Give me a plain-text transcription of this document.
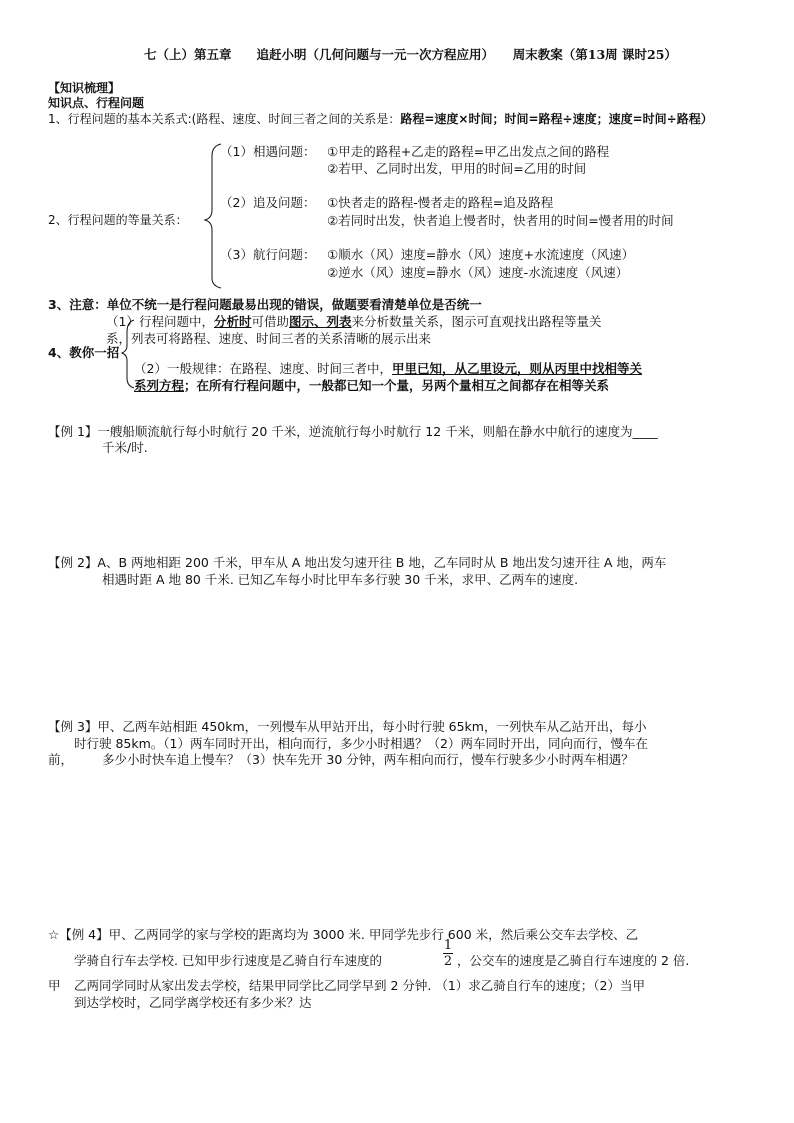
七（上）第五章　　追赶小明（几何问题与一元一次方程应用）　　周末教案（第13周 课时25）
【知识梳理】
知识点、行程问题
1、行程问题的基本关系式:(路程、速度、时间三者之间的关系是：路程=速度×时间；时间=路程÷速度；速度=时间÷路程）
2、行程问题的等量关系：
（1）相遇问题： ①甲走的路程+乙走的路程=甲乙出发点之间的路程
②若甲、乙同时出发，甲用的时间=乙用的时间
（2）追及问题： ①快者走的路程-慢者走的路程=追及路程
②若同时出发，快者追上慢者时，快者用的时间=慢者用的时间
（3）航行问题： ①顺水（风）速度=静水（风）速度+水流速度（风速）
②逆水（风）速度=静水（风）速度-水流速度（风速）
3、注意：单位不统一是行程问题最易出现的错误，做题要看清楚单位是否统一
4、教你一招
（1）行程问题中，分析时可借助图示、列表来分析数量关系，图示可直观找出路程等量关
系，列表可将路程、速度、时间三者的关系清晰的展示出来
（2）一般规律：在路程、速度、时间三者中，甲里已知，从乙里设元，则从丙里中找相等关
系列方程；在所有行程问题中，一般都已知一个量，另两个量相互之间都存在相等关系
【例 1】一艘船顺流航行每小时航行 20 千米，逆流航行每小时航行 12 千米，则船在静水中航行的速度为____
千米/时.
【例 2】A、B 两地相距 200 千米，甲车从 A 地出发匀速开往 B 地，乙车同时从 B 地出发匀速开往 A 地，两车
相遇时距 A 地 80 千米. 已知乙车每小时比甲车多行驶 30 千米，求甲、乙两车的速度.
【例 3】甲、乙两车站相距 450km，一列慢车从甲站开出，每小时行驶 65km，一列快车从乙站开出，每小
时行驶 85km。（1）两车同时开出，相向而行，多少小时相遇？（2）两车同时开出，同向而行，慢车在
前， 多少小时快车追上慢车？（3）快车先开 30 分钟，两车相向而行，慢车行驶多少小时两车相遇？
☆【例 4】甲、乙两同学的家与学校的距离均为 3000 米. 甲同学先步行 600 米，然后乘公交车去学校、乙
学骑自行车去学校. 已知甲步行速度是乙骑自行车速度的
1
2 ，公交车的速度是乙骑自行车速度的 2 倍.
甲 乙两同学同时从家出发去学校，结果甲同学比乙同学早到 2 分钟. （1）求乙骑自行车的速度；（2）当甲
到达学校时，乙同学离学校还有多少米？达
